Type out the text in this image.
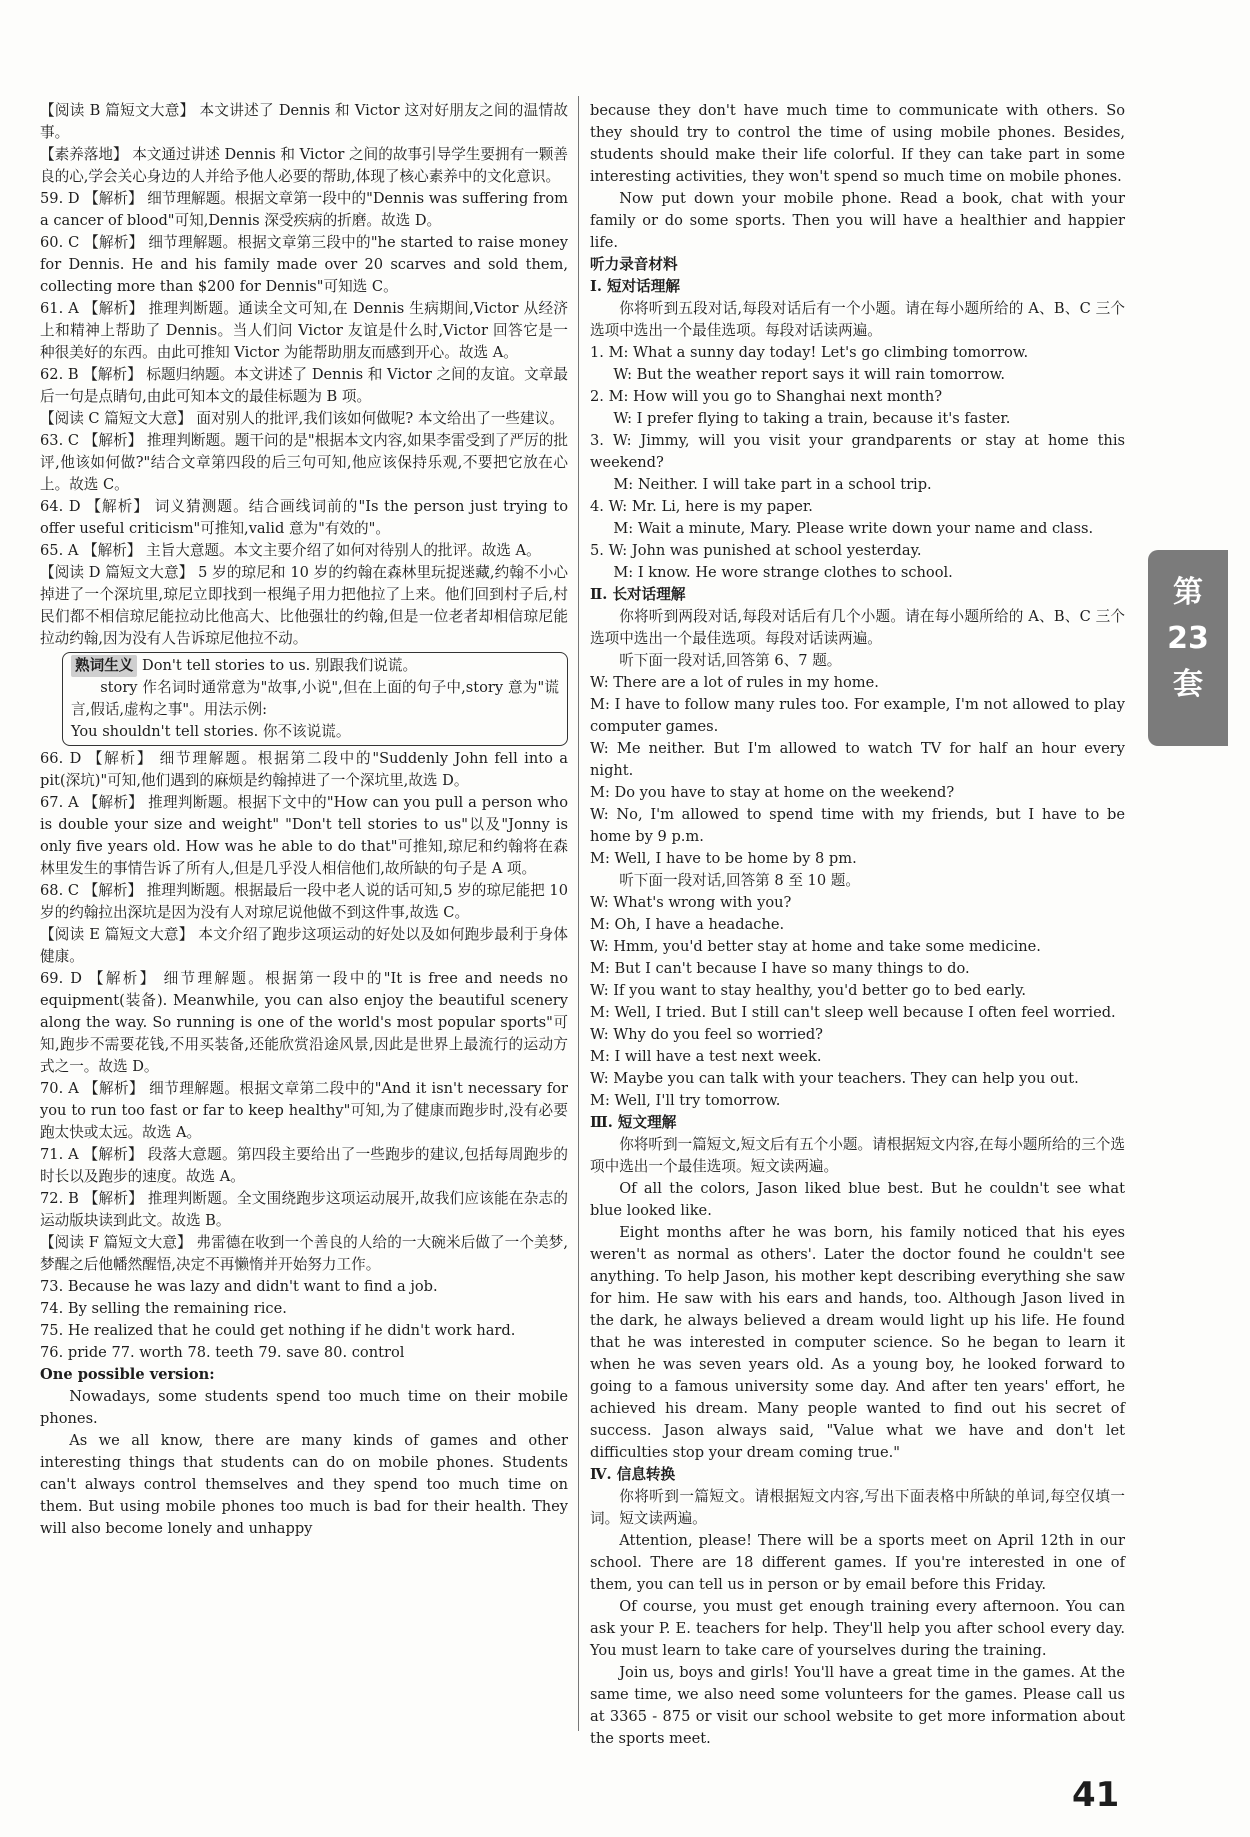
【阅读 B 篇短文大意】 本文讲述了 Dennis 和 Victor 这对好朋友之间的温情故事。

【素养落地】 本文通过讲述 Dennis 和 Victor 之间的故事引导学生要拥有一颗善良的心,学会关心身边的人并给予他人必要的帮助,体现了核心素养中的文化意识。

59. D 【解析】 细节理解题。根据文章第一段中的"Dennis was suffering from a cancer of blood"可知,Dennis 深受疾病的折磨。故选 D。

60. C 【解析】 细节理解题。根据文章第三段中的"he started to raise money for Dennis. He and his family made over 20 scarves and sold them, collecting more than $200 for Dennis"可知选 C。

61. A 【解析】 推理判断题。通读全文可知,在 Dennis 生病期间,Victor 从经济上和精神上帮助了 Dennis。当人们问 Victor 友谊是什么时,Victor 回答它是一种很美好的东西。由此可推知 Victor 为能帮助朋友而感到开心。故选 A。

62. B 【解析】 标题归纳题。本文讲述了 Dennis 和 Victor 之间的友谊。文章最后一句是点睛句,由此可知本文的最佳标题为 B 项。

【阅读 C 篇短文大意】 面对别人的批评,我们该如何做呢? 本文给出了一些建议。

63. C 【解析】 推理判断题。题干问的是"根据本文内容,如果李雷受到了严厉的批评,他该如何做?"结合文章第四段的后三句可知,他应该保持乐观,不要把它放在心上。故选 C。

64. D 【解析】 词义猜测题。结合画线词前的"Is the person just trying to offer useful criticism"可推知,valid 意为"有效的"。

65. A 【解析】 主旨大意题。本文主要介绍了如何对待别人的批评。故选 A。

【阅读 D 篇短文大意】 5 岁的琼尼和 10 岁的约翰在森林里玩捉迷藏,约翰不小心掉进了一个深坑里,琼尼立即找到一根绳子用力把他拉了上来。他们回到村子后,村民们都不相信琼尼能拉动比他高大、比他强壮的约翰,但是一位老者却相信琼尼能拉动约翰,因为没有人告诉琼尼他拉不动。

熟词生义 Don't tell stories to us. 别跟我们说谎。

story 作名词时通常意为"故事,小说",但在上面的句子中,story 意为"谎言,假话,虚构之事"。用法示例:

You shouldn't tell stories. 你不该说谎。

66. D 【解析】 细节理解题。根据第二段中的"Suddenly John fell into a pit(深坑)"可知,他们遇到的麻烦是约翰掉进了一个深坑里,故选 D。

67. A 【解析】 推理判断题。根据下文中的"How can you pull a person who is double your size and weight" "Don't tell stories to us"以及"Jonny is only five years old. How was he able to do that"可推知,琼尼和约翰将在森林里发生的事情告诉了所有人,但是几乎没人相信他们,故所缺的句子是 A 项。

68. C 【解析】 推理判断题。根据最后一段中老人说的话可知,5 岁的琼尼能把 10 岁的约翰拉出深坑是因为没有人对琼尼说他做不到这件事,故选 C。

【阅读 E 篇短文大意】 本文介绍了跑步这项运动的好处以及如何跑步最利于身体健康。

69. D 【解析】 细节理解题。根据第一段中的"It is free and needs no equipment(装备). Meanwhile, you can also enjoy the beautiful scenery along the way. So running is one of the world's most popular sports"可知,跑步不需要花钱,不用买装备,还能欣赏沿途风景,因此是世界上最流行的运动方式之一。故选 D。

70. A 【解析】 细节理解题。根据文章第二段中的"And it isn't necessary for you to run too fast or far to keep healthy"可知,为了健康而跑步时,没有必要跑太快或太远。故选 A。

71. A 【解析】 段落大意题。第四段主要给出了一些跑步的建议,包括每周跑步的时长以及跑步的速度。故选 A。

72. B 【解析】 推理判断题。全文围绕跑步这项运动展开,故我们应该能在杂志的运动版块读到此文。故选 B。

【阅读 F 篇短文大意】 弗雷德在收到一个善良的人给的一大碗米后做了一个美梦,梦醒之后他幡然醒悟,决定不再懒惰并开始努力工作。

73. Because he was lazy and didn't want to find a job.

74. By selling the remaining rice.

75. He realized that he could get nothing if he didn't work hard.

76. pride 77. worth 78. teeth 79. save 80. control

One possible version:

Nowadays, some students spend too much time on their mobile phones.

As we all know, there are many kinds of games and other interesting things that students can do on mobile phones. Students can't always control themselves and they spend too much time on them. But using mobile phones too much is bad for their health. They will also become lonely and unhappy

because they don't have much time to communicate with others. So they should try to control the time of using mobile phones. Besides, students should make their life colorful. If they can take part in some interesting activities, they won't spend so much time on mobile phones.

Now put down your mobile phone. Read a book, chat with your family or do some sports. Then you will have a healthier and happier life.

听力录音材料

Ⅰ. 短对话理解

你将听到五段对话,每段对话后有一个小题。请在每小题所给的 A、B、C 三个选项中选出一个最佳选项。每段对话读两遍。

1. M: What a sunny day today! Let's go climbing tomorrow.

W: But the weather report says it will rain tomorrow.

2. M: How will you go to Shanghai next month?

W: I prefer flying to taking a train, because it's faster.

3. W: Jimmy, will you visit your grandparents or stay at home this weekend?

M: Neither. I will take part in a school trip.

4. W: Mr. Li, here is my paper.

M: Wait a minute, Mary. Please write down your name and class.

5. W: John was punished at school yesterday.

M: I know. He wore strange clothes to school.

Ⅱ. 长对话理解

你将听到两段对话,每段对话后有几个小题。请在每小题所给的 A、B、C 三个选项中选出一个最佳选项。每段对话读两遍。

听下面一段对话,回答第 6、7 题。

W: There are a lot of rules in my home.

M: I have to follow many rules too. For example, I'm not allowed to play computer games.

W: Me neither. But I'm allowed to watch TV for half an hour every night.

M: Do you have to stay at home on the weekend?

W: No, I'm allowed to spend time with my friends, but I have to be home by 9 p.m.

M: Well, I have to be home by 8 pm.

听下面一段对话,回答第 8 至 10 题。

W: What's wrong with you?

M: Oh, I have a headache.

W: Hmm, you'd better stay at home and take some medicine.

M: But I can't because I have so many things to do.

W: If you want to stay healthy, you'd better go to bed early.

M: Well, I tried. But I still can't sleep well because I often feel worried.

W: Why do you feel so worried?

M: I will have a test next week.

W: Maybe you can talk with your teachers. They can help you out.

M: Well, I'll try tomorrow.

Ⅲ. 短文理解

你将听到一篇短文,短文后有五个小题。请根据短文内容,在每小题所给的三个选项中选出一个最佳选项。短文读两遍。

Of all the colors, Jason liked blue best. But he couldn't see what blue looked like.

Eight months after he was born, his family noticed that his eyes weren't as normal as others'. Later the doctor found he couldn't see anything. To help Jason, his mother kept describing everything she saw for him. He saw with his ears and hands, too. Although Jason lived in the dark, he always believed a dream would light up his life. He found that he was interested in computer science. So he began to learn it when he was seven years old. As a young boy, he looked forward to going to a famous university some day. And after ten years' effort, he achieved his dream. Many people wanted to find out his secret of success. Jason always said, "Value what we have and don't let difficulties stop your dream coming true."

Ⅳ. 信息转换

你将听到一篇短文。请根据短文内容,写出下面表格中所缺的单词,每空仅填一词。短文读两遍。

Attention, please! There will be a sports meet on April 12th in our school. There are 18 different games. If you're interested in one of them, you can tell us in person or by email before this Friday.

Of course, you must get enough training every afternoon. You can ask your P. E. teachers for help. They'll help you after school every day. You must learn to take care of yourselves during the training.

Join us, boys and girls! You'll have a great time in the games. At the same time, we also need some volunteers for the games. Please call us at 3365 - 875 or visit our school website to get more information about the sports meet.

第
23
套
41
